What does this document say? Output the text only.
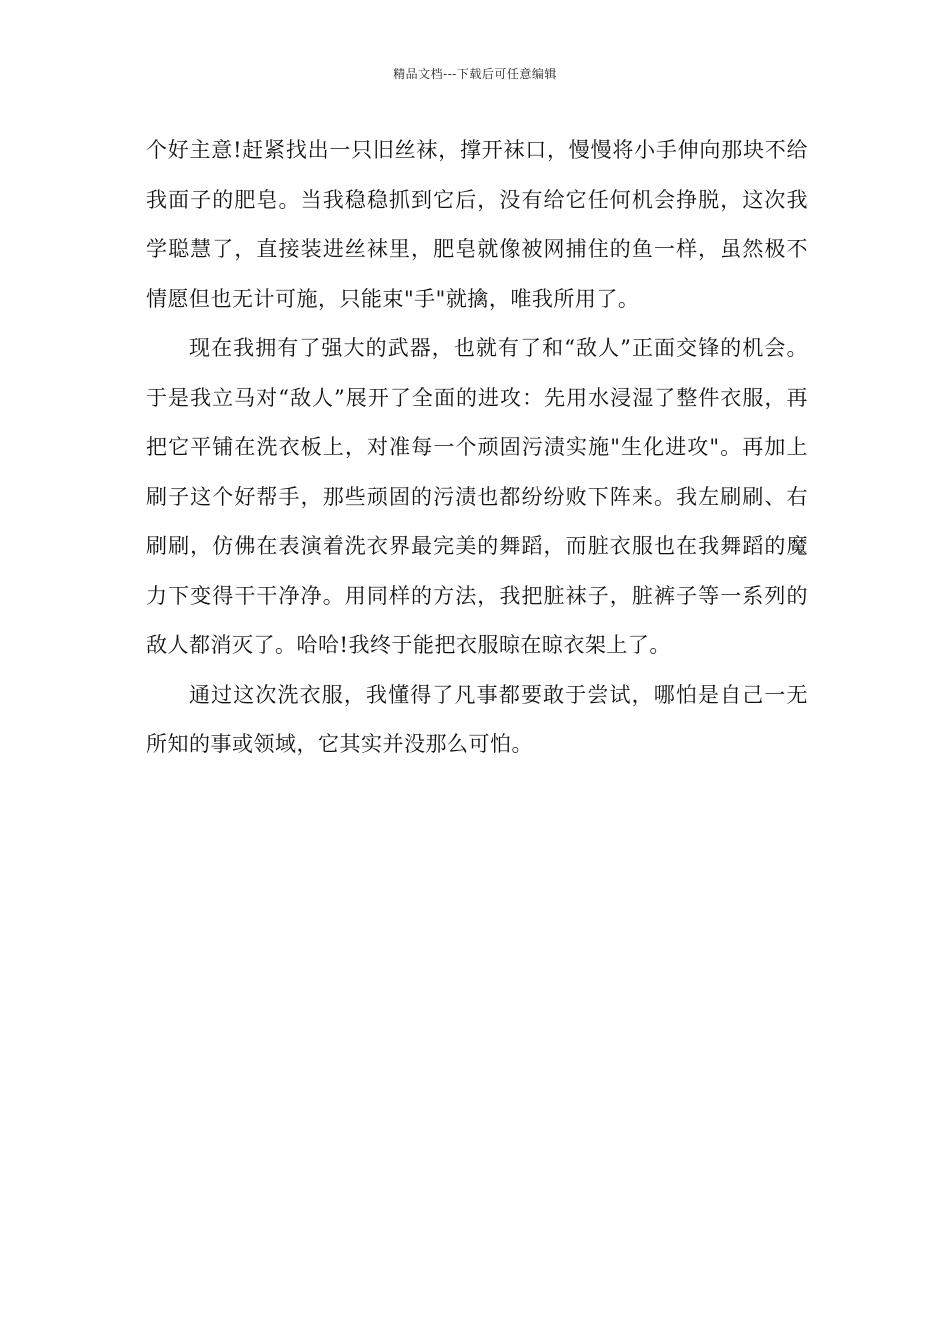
精品文档---下载后可任意编辑

个好主意!赶紧找出一只旧丝袜，撑开袜口，慢慢将小手伸向那块不给我面子的肥皂。当我稳稳抓到它后，没有给它任何机会挣脱，这次我学聪慧了，直接装进丝袜里，肥皂就像被网捕住的鱼一样，虽然极不情愿但也无计可施，只能束"手"就擒，唯我所用了。

现在我拥有了强大的武器，也就有了和“敌人”正面交锋的机会。于是我立马对“敌人”展开了全面的进攻：先用水浸湿了整件衣服，再把它平铺在洗衣板上，对准每一个顽固污渍实施"生化进攻"。再加上刷子这个好帮手，那些顽固的污渍也都纷纷败下阵来。我左刷刷、右刷刷，仿佛在表演着洗衣界最完美的舞蹈，而脏衣服也在我舞蹈的魔力下变得干干净净。用同样的方法，我把脏袜子，脏裤子等一系列的敌人都消灭了。哈哈!我终于能把衣服晾在晾衣架上了。

通过这次洗衣服，我懂得了凡事都要敢于尝试，哪怕是自己一无所知的事或领域，它其实并没那么可怕。
